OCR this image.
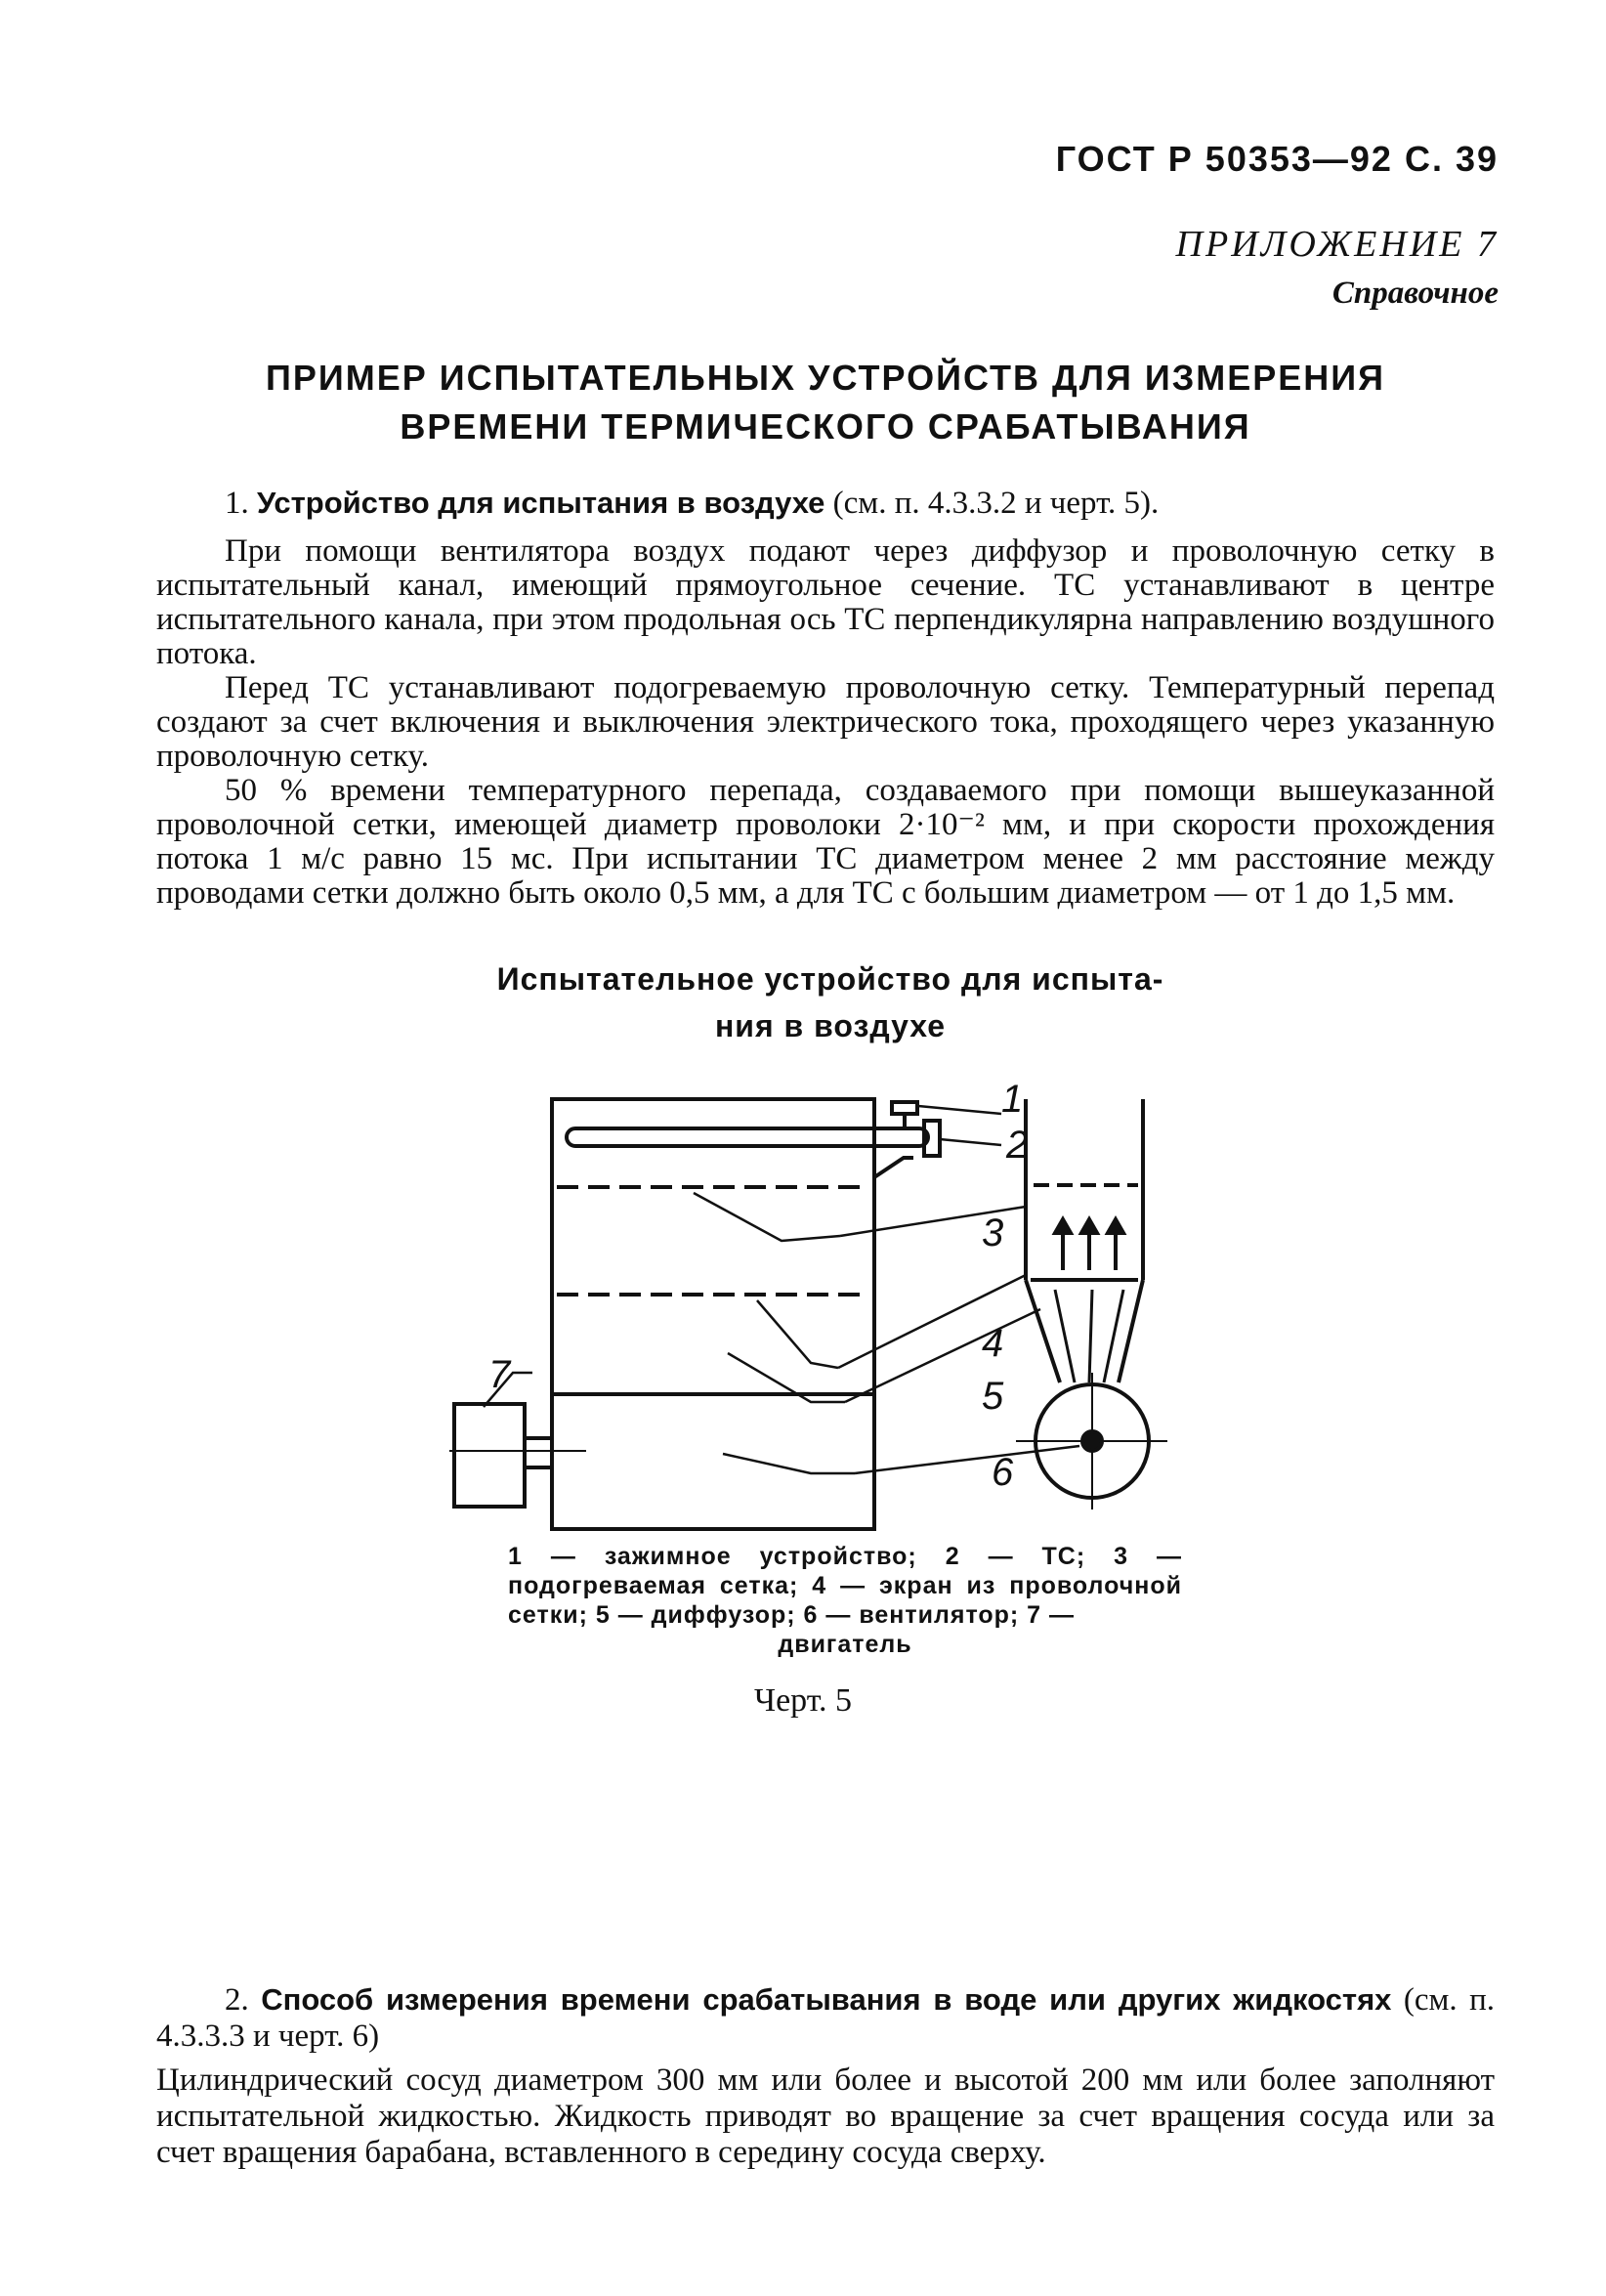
ГОСТ Р 50353—92 С. 39
ПРИЛОЖЕНИЕ 7
Справочное
ПРИМЕР ИСПЫТАТЕЛЬНЫХ УСТРОЙСТВ ДЛЯ ИЗМЕРЕНИЯ
ВРЕМЕНИ ТЕРМИЧЕСКОГО СРАБАТЫВАНИЯ

1. Устройство для испытания в воздухе (см. п. 4.3.3.2 и черт. 5).

При помощи вентилятора воздух подают через диффузор и проволочную сетку в испытательный канал, имеющий прямоугольное сечение. ТС устанавливают в центре испытательного канала, при этом продольная ось ТС перпендикулярна направлению воздушного потока.

Перед ТС устанавливают подогреваемую проволочную сетку. Температурный перепад создают за счет включения и выключения электрического тока, проходящего через указанную проволочную сетку.

50 % времени температурного перепада, создаваемого при помощи вышеуказанной проволочной сетки, имеющей диаметр проволоки 2·10⁻² мм, и при скорости прохождения потока 1 м/с равно 15 мс. При испытании ТС диаметром менее 2 мм расстояние между проводами сетки должно быть около 0,5 мм, а для ТС с большим диаметром — от 1 до 1,5 мм.

Испытательное устройство для испыта-
ния в воздухе
1
2
3
4
5
6
7
1 — зажимное устройство; 2 — ТС; 3 — подогреваемая сетка; 4 — экран из проволочной сетки; 5 — диффузор; 6 — вентилятор; 7 —
двигатель
Черт. 5

2. Способ измерения времени срабатывания в воде или других жидкостях (см. п. 4.3.3.3 и черт. 6)

Цилиндрический сосуд диаметром 300 мм или более и высотой 200 мм или более заполняют испытательной жидкостью. Жидкость приводят во вращение за счет вращения сосуда или за счет вращения барабана, вставленного в середину сосуда сверху.
